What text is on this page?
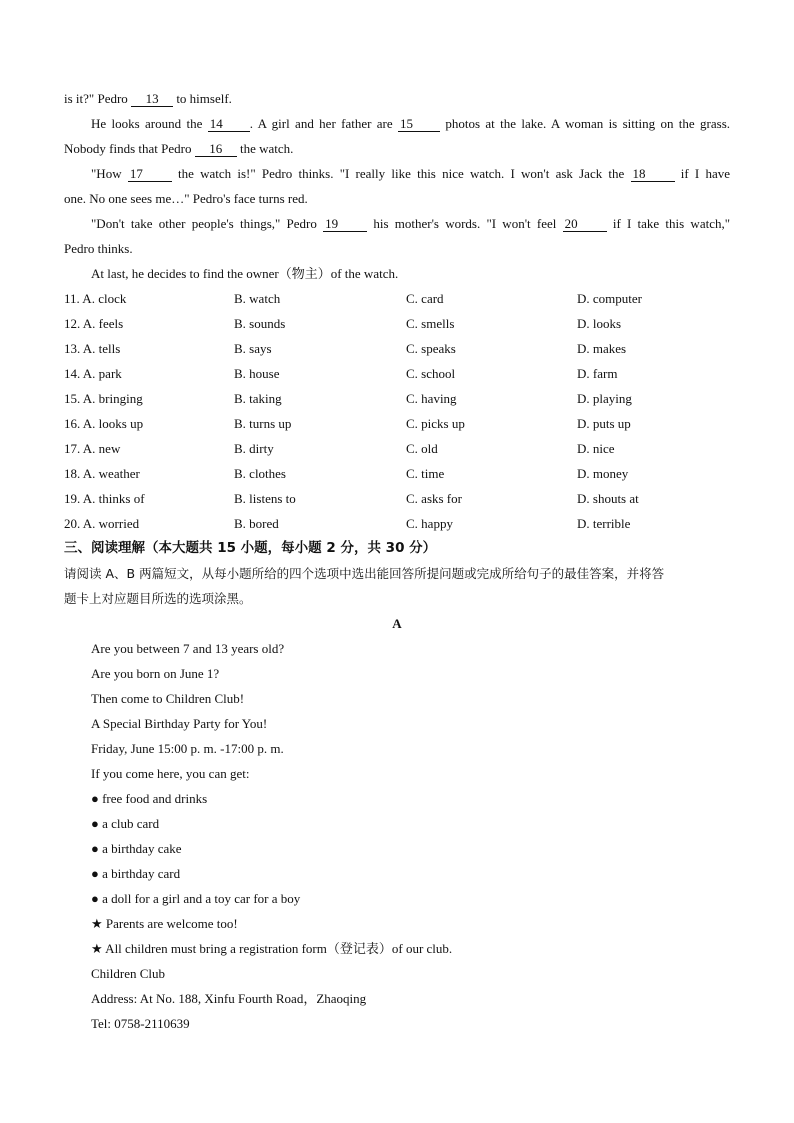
is it?" Pedro 13 to himself.
He looks around the 14 . A girl and her father are 15 photos at the lake. A woman is sitting on the grass.
Nobody finds that Pedro 16 the watch.
"How 17	the watch is!" Pedro thinks. "I really like this nice watch. I won't ask Jack the 18	if I have
one. No one sees me…" Pedro's face turns red.
"Don't take other people's things," Pedro 19	his mother's words. "I won't feel 20	if I take this watch,"
Pedro thinks.
At last, he decides to find the owner（物主）of the watch.
11. A. clock	B. watch	C. card	D. computer
12. A. feels	B. sounds	C. smells	D. looks
13. A. tells	B. says	C. speaks	D. makes
14. A. park	B. house	C. school	D. farm
15. A. bringing	B. taking	C. having	D. playing
16. A. looks up	B. turns up	C. picks up	D. puts up
17. A. new	B. dirty	C. old	D. nice
18. A. weather	B. clothes	C. time	D. money
19. A. thinks of	B. listens to	C. asks for	D. shouts at
20. A. worried	B. bored	C. happy	D. terrible
三、阅读理解（本大题共 15 小题，每小题 2 分，共 30 分）
请阅读 A、B 两篇短文，从每小题所给的四个选项中选出能回答所提问题或完成所给句子的最佳答案，并将答
题卡上对应题目所选的选项涂黑。
A
Are you between 7 and 13 years old?
Are you born on June 1?
Then come to Children Club!
A Special Birthday Party for You!
Friday, June 15:00 p. m. -17:00 p. m.
If you come here, you can get:
● free food and drinks
● a club card
● a birthday cake
● a birthday card
● a doll for a girl and a toy car for a boy
★ Parents are welcome too!
★ All children must bring a registration form（登记表）of our club.
Children Club
Address: At No. 188, Xinfu Fourth Road，Zhaoqing
Tel: 0758-2110639
